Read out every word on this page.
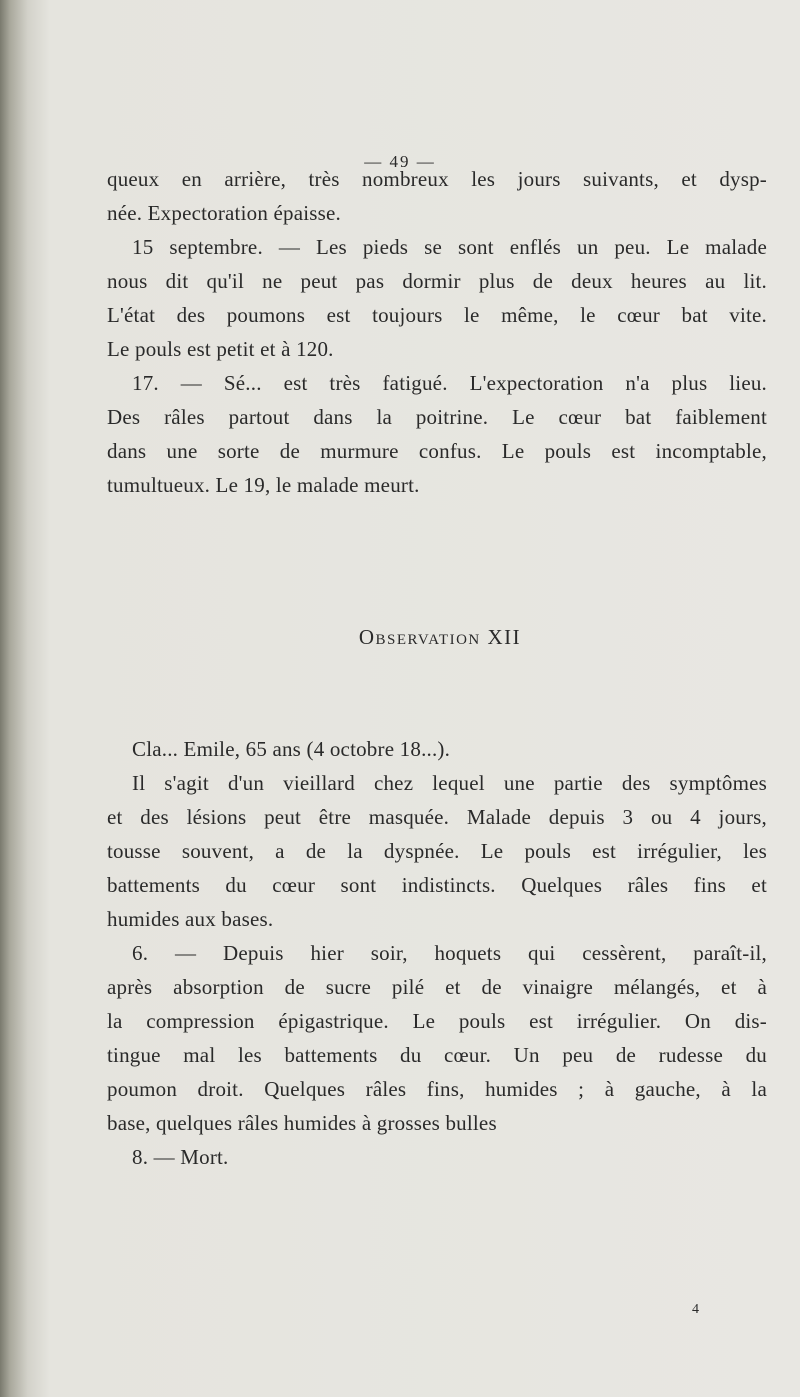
— 49 —
queux en arrière, très nombreux les jours suivants, et dysp-
née. Expectoration épaisse.
15 septembre. — Les pieds se sont enflés un peu. Le malade
nous dit qu'il ne peut pas dormir plus de deux heures au lit.
L'état des poumons est toujours le même, le cœur bat vite.
Le pouls est petit et à 120.
17. — Sé... est très fatigué. L'expectoration n'a plus lieu.
Des râles partout dans la poitrine. Le cœur bat faiblement
dans une sorte de murmure confus. Le pouls est incomptable,
tumultueux. Le 19, le malade meurt.
Observation XII
Cla... Emile, 65 ans (4 octobre 18...).
Il s'agit d'un vieillard chez lequel une partie des symptômes
et des lésions peut être masquée. Malade depuis 3 ou 4 jours,
tousse souvent, a de la dyspnée. Le pouls est irrégulier, les
battements du cœur sont indistincts. Quelques râles fins et
humides aux bases.
6. — Depuis hier soir, hoquets qui cessèrent, paraît-il,
après absorption de sucre pilé et de vinaigre mélangés, et à
la compression épigastrique. Le pouls est irrégulier. On dis-
tingue mal les battements du cœur. Un peu de rudesse du
poumon droit. Quelques râles fins, humides ; à gauche, à la
base, quelques râles humides à grosses bulles
8. — Mort.
4
